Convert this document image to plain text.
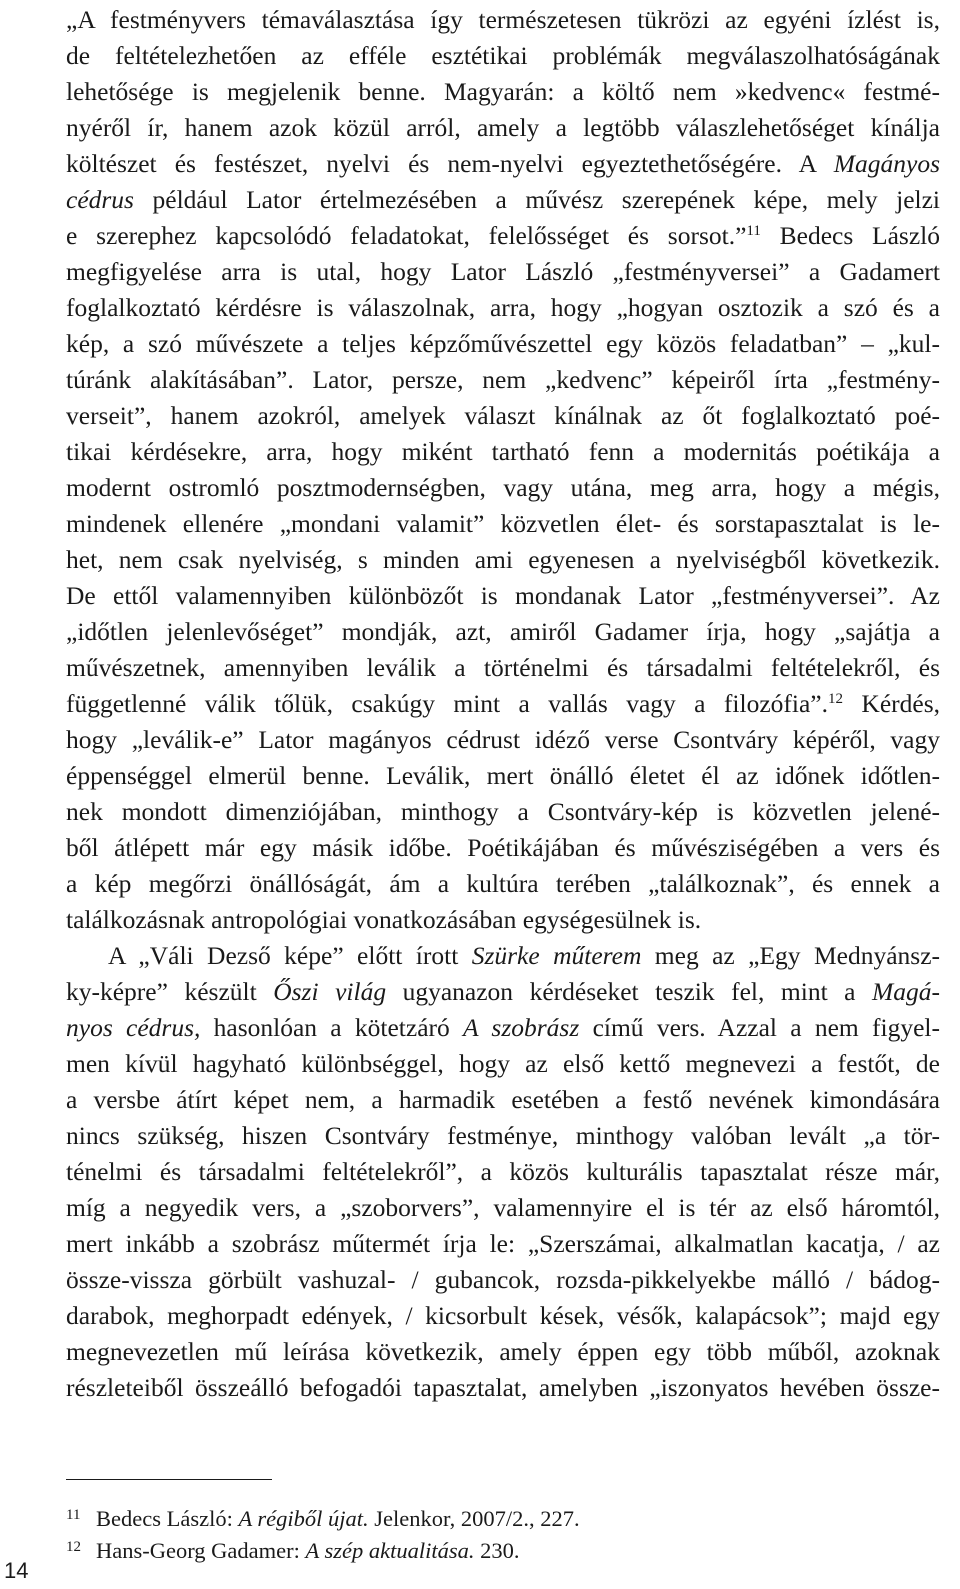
„A festményvers témaválasztása így természetesen tükrözi az egyéni ízlést is,
de feltételezhetően az efféle esztétikai problémák megválaszolhatóságának
lehetősége is megjelenik benne. Magyarán: a költő nem »kedvenc« festmé-
nyéről ír, hanem azok közül arról, amely a legtöbb válaszlehetőséget kínálja
költészet és festészet, nyelvi és nem-nyelvi egyeztethetőségére. A Magányos
cédrus például Lator értelmezésében a művész szerepének képe, mely jelzi
e szerephez kapcsolódó feladatokat, felelősséget és sorsot.”$^{11}$ Bedecs László
megfigyelése arra is utal, hogy Lator László „festményversei” a Gadamert
foglalkoztató kérdésre is válaszolnak, arra, hogy „hogyan osztozik a szó és a
kép, a szó művészete a teljes képzőművészettel egy közös feladatban” – „kul-
túránk alakításában”. Lator, persze, nem „kedvenc” képeiről írta „festmény-
verseit”, hanem azokról, amelyek választ kínálnak az őt foglalkoztató poé-
tikai kérdésekre, arra, hogy miként tartható fenn a modernitás poétikája a
modernt ostromló posztmodernségben, vagy utána, meg arra, hogy a mégis,
mindenek ellenére „mondani valamit” közvetlen élet- és sorstapasztalat is le-
het, nem csak nyelviség, s minden ami egyenesen a nyelviségből következik.
De ettől valamennyiben különbözőt is mondanak Lator „festményversei”. Az
„időtlen jelenlevőséget” mondják, azt, amiről Gadamer írja, hogy „sajátja a
művészetnek, amennyiben leválik a történelmi és társadalmi feltételekről, és
függetlenné válik tőlük, csakúgy mint a vallás vagy a filozófia”.$^{12}$ Kérdés,
hogy „leválik-e” Lator magányos cédrust idéző verse Csontváry képéről, vagy
éppenséggel elmerül benne. Leválik, mert önálló életet él az időnek időtlen-
nek mondott dimenziójában, minthogy a Csontváry-kép is közvetlen jelené-
ből átlépett már egy másik időbe. Poétikájában és művésziségében a vers és
a kép megőrzi önállóságát, ám a kultúra terében „találkoznak”, és ennek a
találkozásnak antropológiai vonatkozásában egységesülnek is.
A „Váli Dezső képe” előtt írott Szürke műterem meg az „Egy Mednyánsz-
ky-képre” készült Őszi világ ugyanazon kérdéseket teszik fel, mint a Magá-
nyos cédrus, hasonlóan a kötetzáró A szobrász című vers. Azzal a nem figyel-
men kívül hagyható különbséggel, hogy az első kettő megnevezi a festőt, de
a versbe átírt képet nem, a harmadik esetében a festő nevének kimondására
nincs szükség, hiszen Csontváry festménye, minthogy valóban levált „a tör-
ténelmi és társadalmi feltételekről”, a közös kulturális tapasztalat része már,
míg a negyedik vers, a „szoborvers”, valamennyire el is tér az első háromtól,
mert inkább a szobrász műtermét írja le: „Szerszámai, alkalmatlan kacatja, / az
össze-vissza görbült vashuzal- / gubancok, rozsda-pikkelyekbe málló / bádog-
darabok, meghorpadt edények, / kicsorbult kések, vésők, kalapácsok”; majd egy
megnevezetlen mű leírása következik, amely éppen egy több műből, azoknak
részleteiből összeálló befogadói tapasztalat, amelyben „iszonyatos hevében össze-
11 Bedecs László: A régiből újat. Jelenkor, 2007/2., 227.
12 Hans-Georg Gadamer: A szép aktualitása. 230.
14
